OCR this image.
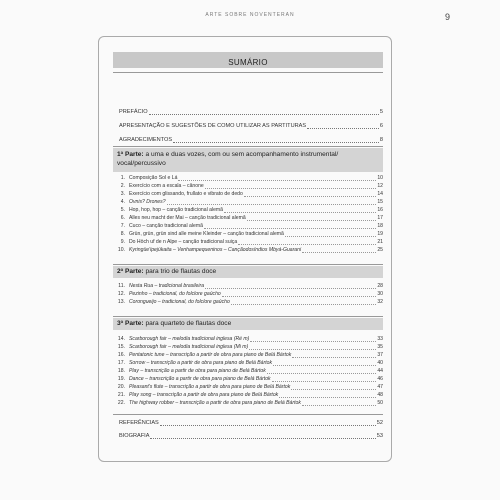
ARTE SOBRE NOVENTERAN	9
SUMÁRIO
PREFÁCIO	5
APRESENTAÇÃO E SUGESTÕES DE COMO UTILIZAR AS PARTITURAS	6
AGRADECIMENTOS	8
1ª Parte: a uma e duas vozes, com ou sem acompanhamento instrumental/ vocal/percussivo
1. Composição Sol e Lá	10
2. Exercício com a escala – cânone	12
3. Exercício com glissando, frullato e vibrato de dedo	14
4. Ovnis? Drones?	15
5. Hop, hop, hop – canção tradicional alemã	16
6. Alles neu macht der Mai – canção tradicional alemã	17
7. Cuco – canção tradicional alemã	18
8. Grün, grün, grün sind alle meine Kleinder – canção tradicional alemã	19
9. Do Höch uf de n Alpe – canção tradicional suiça	21
10. Kyringüe'ipejúkaita – Venhampequeninos – Cançãodosíndios Mbyá-Guarani	25
2ª Parte: para trio de flautas doce
11. Nesta Rua – tradicional brasileira	28
12. Pezinho – tradicional, do folclore gaúcho	30
13. Corongueijo – tradicional, do folclore gaúcho	32
3ª Parte: para quarteto de flautas doce
14. Scarborough fair – melodia tradicional inglesa (Ré m)	33
15. Scarborough fair – melodia tradicional inglesa (Mi m)	35
16. Pentatonic tune – transcrição a partir de obra para piano de Belá Bártok	37
17. Sorrow – transcrição a partir de obra para piano de Belá Bártok	40
18. Play – transcrição a partir de obra para piano de Belá Bártok	44
19. Dance – transcrição a partir de obra para piano de Belá Bártok	46
20. Pleasant's flute – transcrição a partir de obra para piano de Belá Bártok	47
21. Play song – transcrição a partir de obra para piano de Belá Bártok	48
22. The highway robber – transcrição a partir de obra para piano de Belá Bártok	50
REFERÊNCIAS	52
BIOGRAFIA	53
